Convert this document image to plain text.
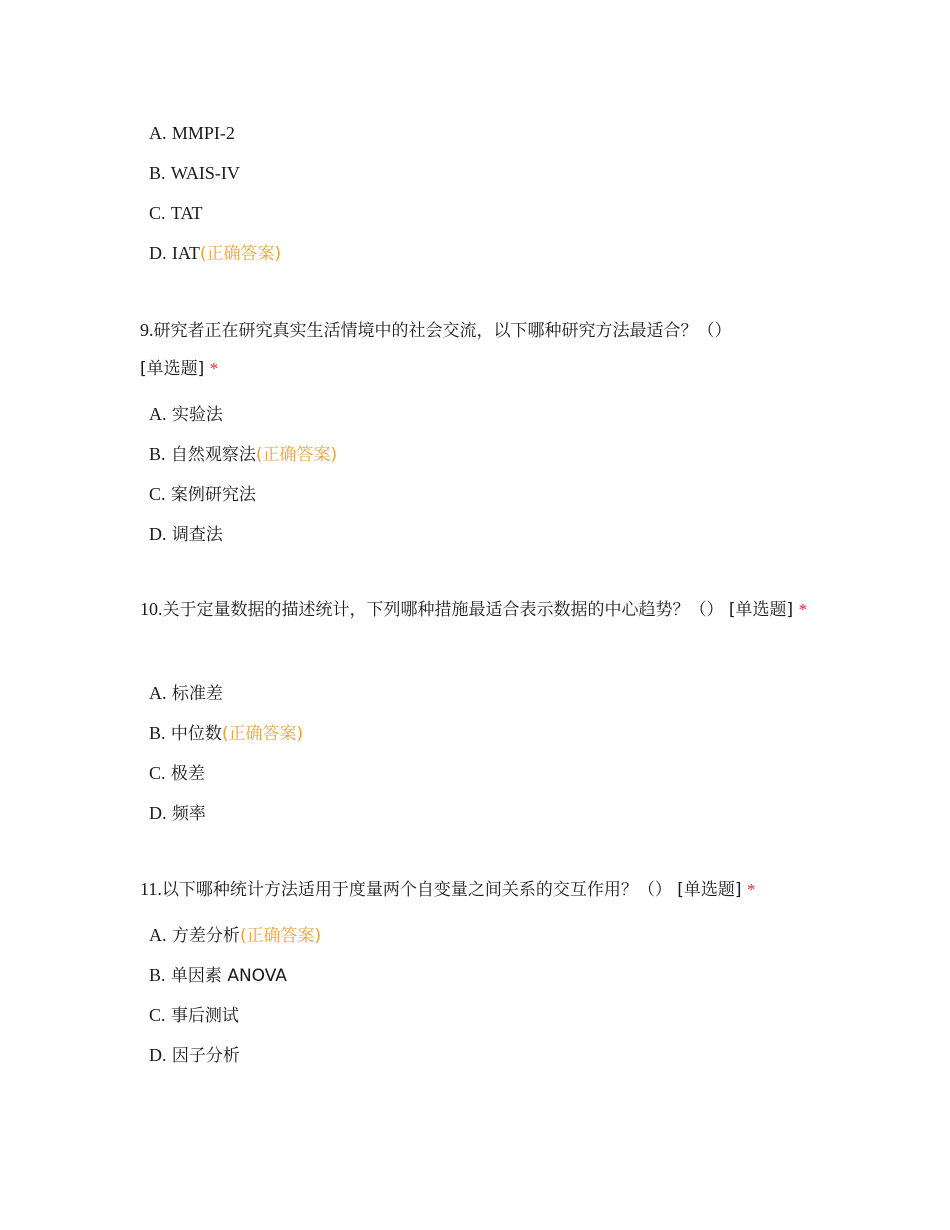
A. MMPI-2
B. WAIS-IV
C. TAT
D. IAT(正确答案)
9.研究者正在研究真实生活情境中的社会交流，以下哪种研究方法最适合？（）
[单选题] *
A. 实验法
B. 自然观察法(正确答案)
C. 案例研究法
D. 调查法
10.关于定量数据的描述统计，下列哪种措施最适合表示数据的中心趋势？（） [单选题] *
A. 标准差
B. 中位数(正确答案)
C. 极差
D. 频率
11.以下哪种统计方法适用于度量两个自变量之间关系的交互作用？（） [单选题] *
A. 方差分析(正确答案)
B. 单因素 ANOVA
C. 事后测试
D. 因子分析
